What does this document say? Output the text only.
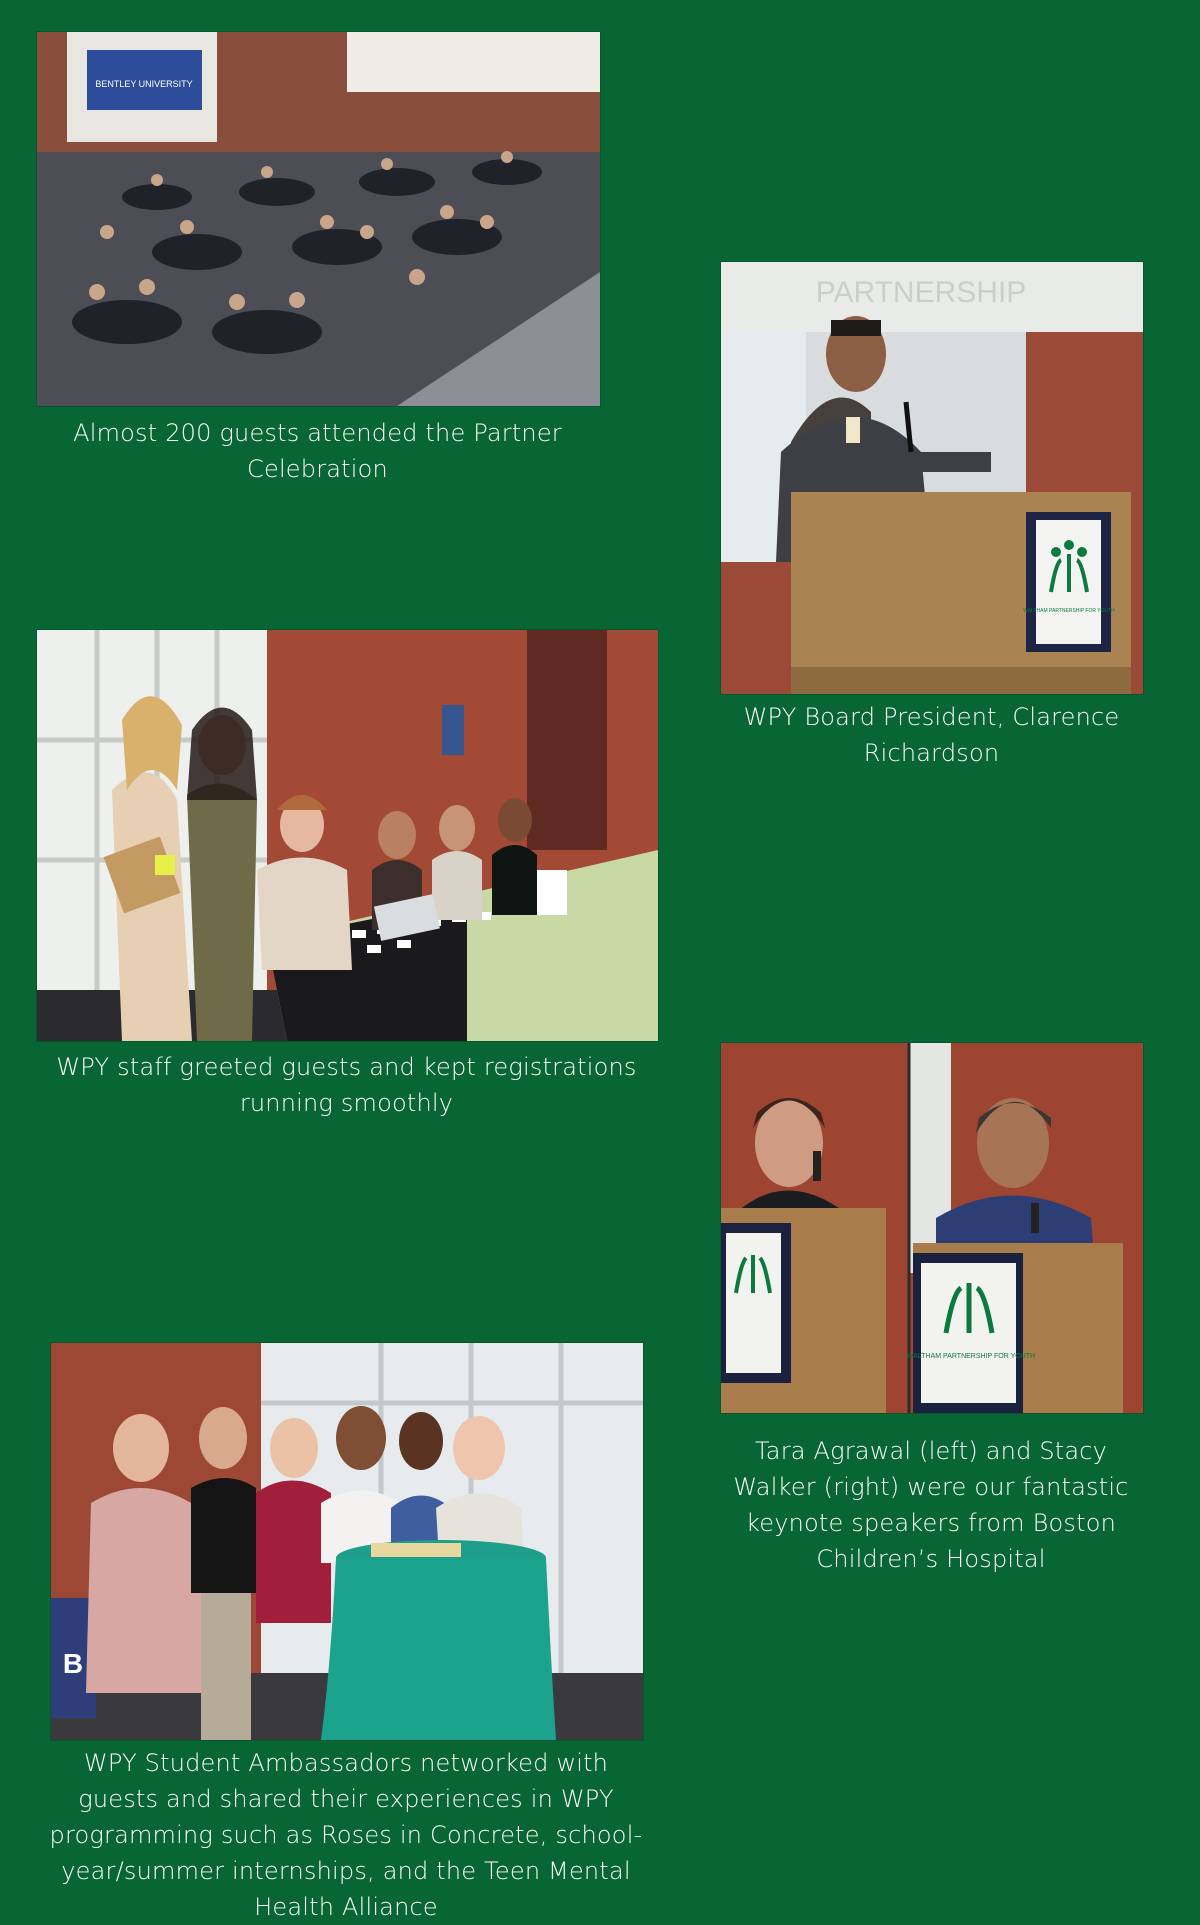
BENTLEY UNIVERSITY
Almost 200 guests attended the Partner Celebration
PARTNERSHIP
WALTHAM PARTNERSHIP FOR YOUTH
WPY Board President, Clarence Richardson
WPY staff greeted guests and kept registrations running smoothly
WALTHAM PARTNERSHIP FOR YOUTH
Tara Agrawal (left) and Stacy Walker (right) were our fantastic keynote speakers from Boston Children’s Hospital
B
WPY Student Ambassadors networked with guests and shared their experiences in WPY programming such as Roses in Concrete, school-year/summer internships, and the Teen Mental Health Alliance
